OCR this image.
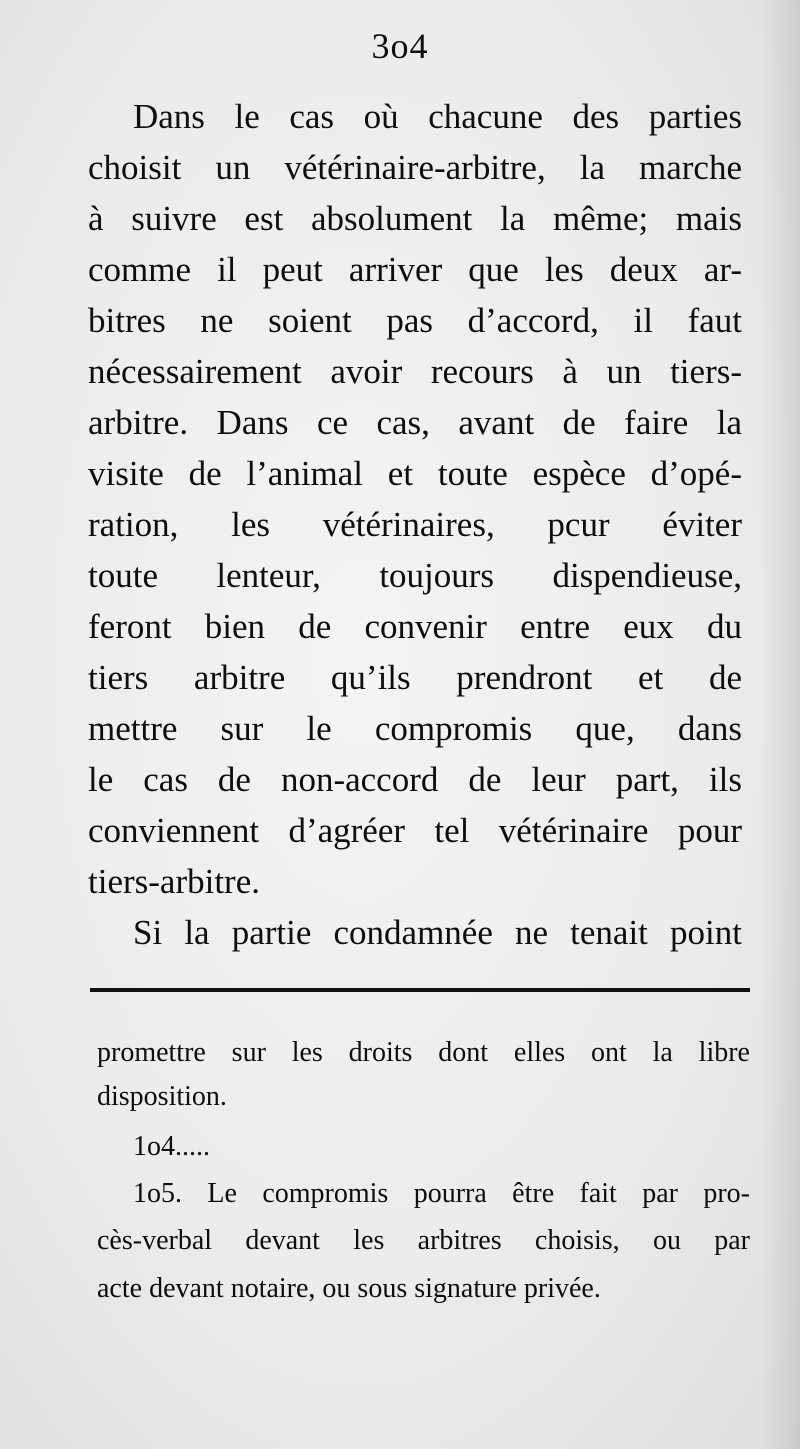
3o4
Dans le cas où chacune des parties
choisit un vétérinaire-arbitre, la marche
à suivre est absolument la même; mais
comme il peut arriver que les deux ar-
bitres ne soient pas d’accord, il faut
nécessairement avoir recours à un tiers-
arbitre. Dans ce cas, avant de faire la
visite de l’animal et toute espèce d’opé-
ration, les vétérinaires, pcur éviter
toute lenteur, toujours dispendieuse,
feront bien de convenir entre eux du
tiers arbitre qu’ils prendront et de
mettre sur le compromis que, dans
le cas de non-accord de leur part, ils
conviennent d’agréer tel vétérinaire pour
tiers-arbitre.
Si la partie condamnée ne tenait point
promettre sur les droits dont elles ont la libre
disposition.
1o4.....
1o5. Le compromis pourra être fait par pro-
cès-verbal devant les arbitres choisis, ou par
acte devant notaire, ou sous signature privée.
